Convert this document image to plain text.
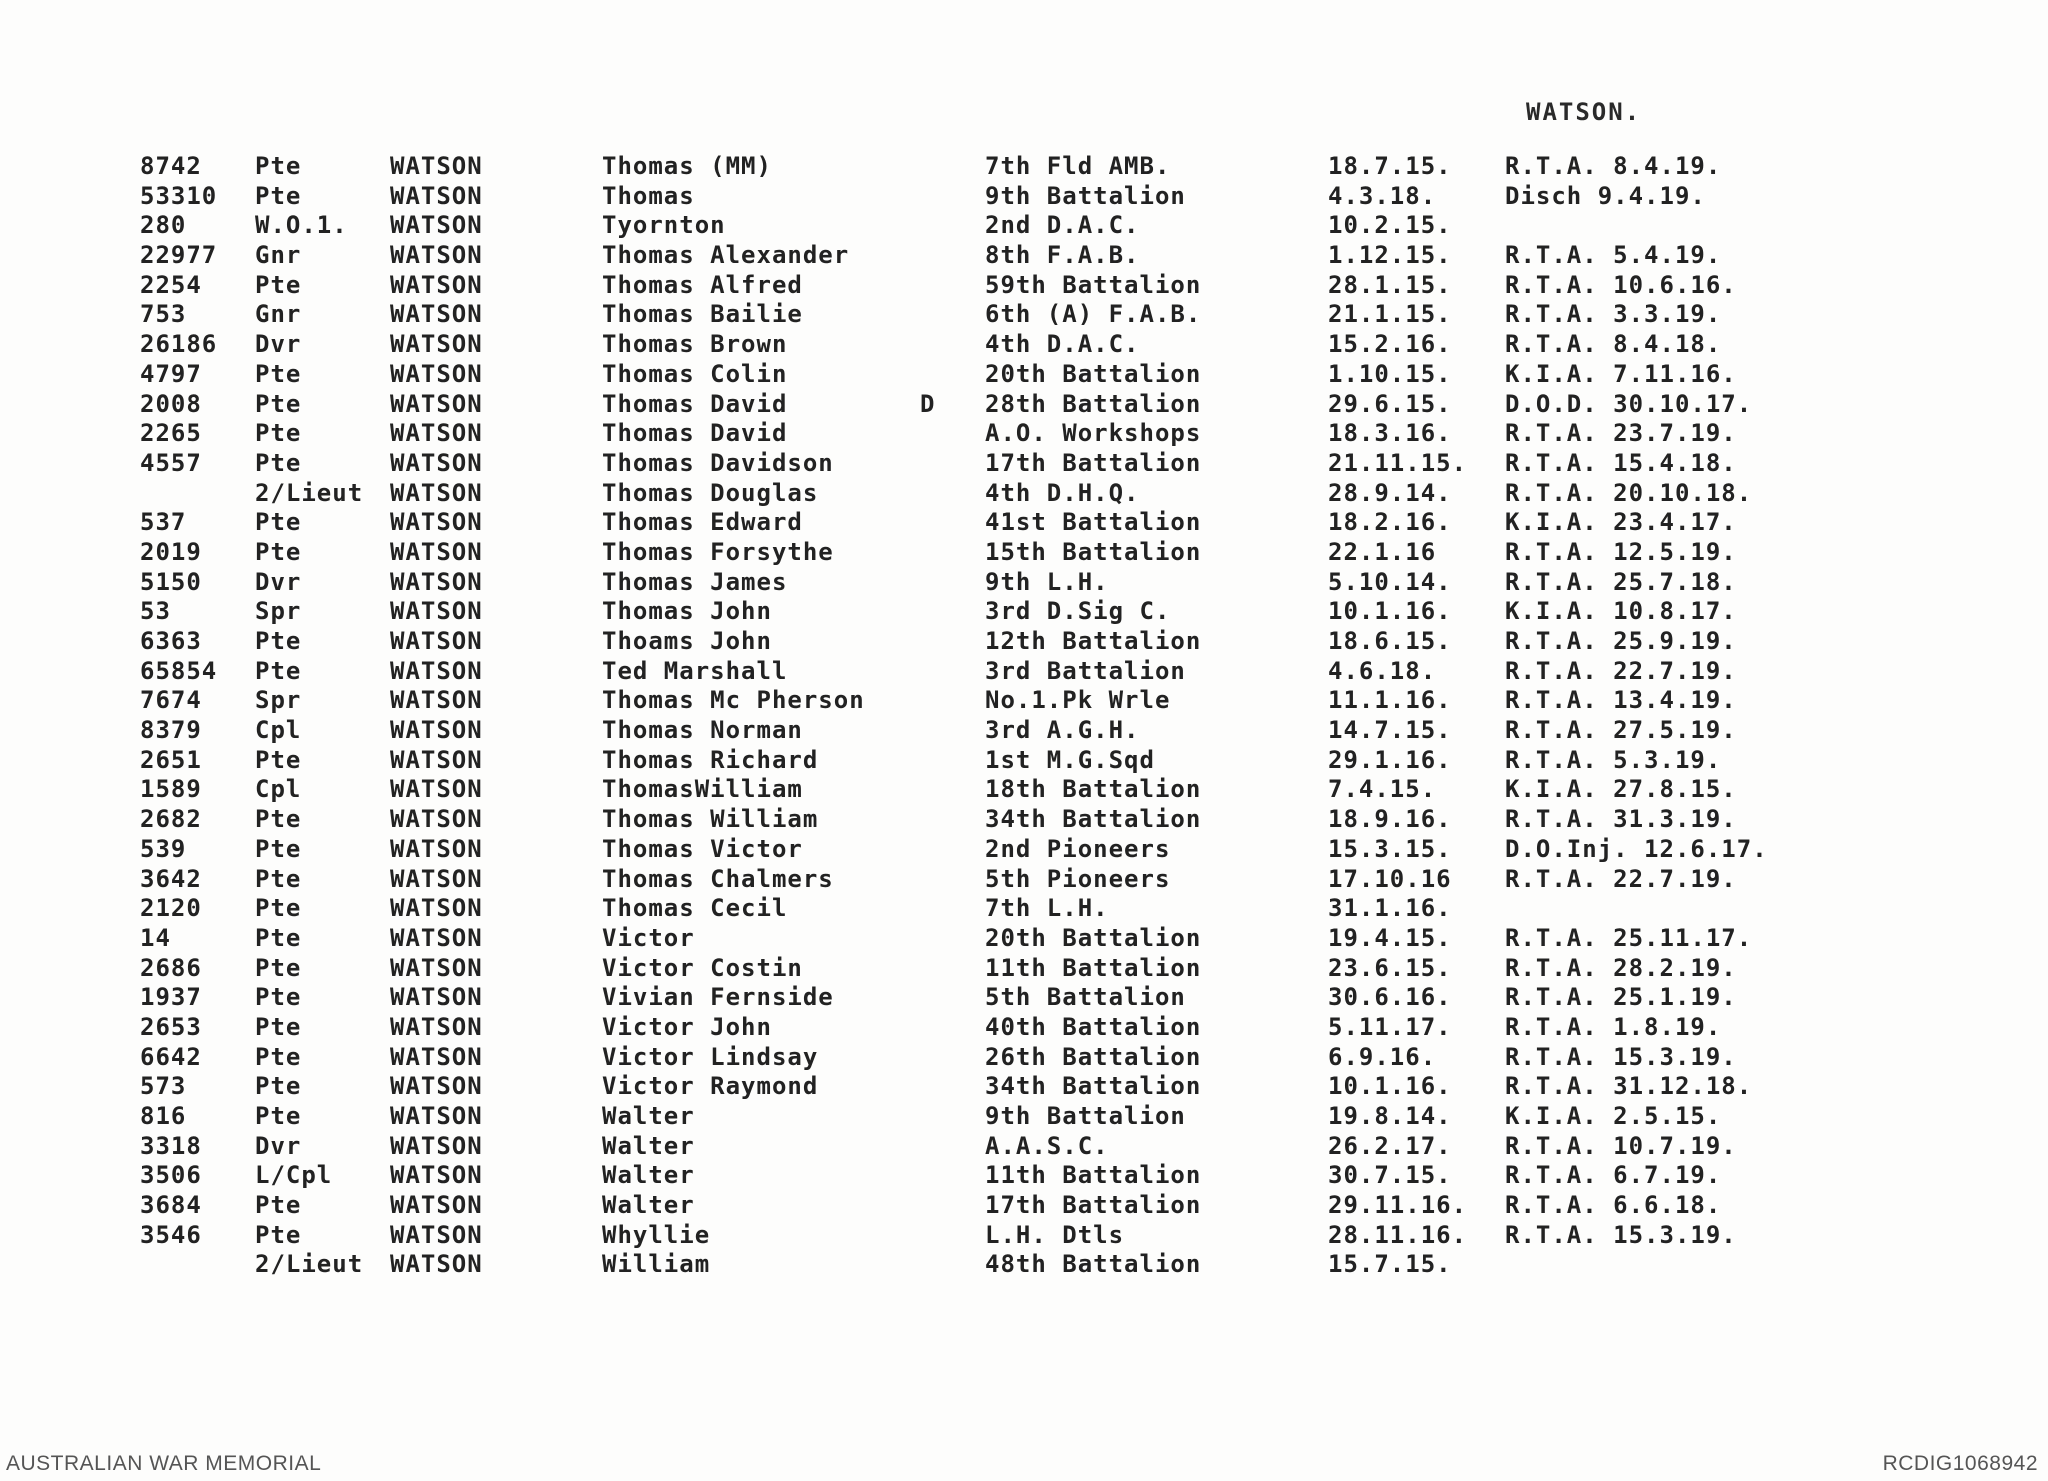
WATSON.
8742 Pte	WATSON	Thomas (MM)	7th Fld AMB.	18.7.15. R.T.A. 8.4.19.
53310 Pte	WATSON	Thomas	9th Battalion	4.3.18.	Disch 9.4.19.
280	W.O.1. WATSON	Tyornton	2nd D.A.C.	10.2.15.
22977 Gnr	WATSON	Thomas Alexander	8th F.A.B.	1.12.15. R.T.A. 5.4.19.
2254 Pte	WATSON	Thomas Alfred	59th Battalion	28.1.15. R.T.A. 10.6.16.
753	Gnr	WATSON	Thomas Bailie	6th (A) F.A.B.	21.1.15. R.T.A. 3.3.19.
26186 Dvr	WATSON	Thomas Brown	4th D.A.C.	15.2.16. R.T.A. 8.4.18.
4797 Pte	WATSON	Thomas Colin	20th Battalion	1.10.15. K.I.A. 7.11.16.
2008 Pte	WATSON	Thomas David	D 28th Battalion	29.6.15. D.O.D. 30.10.17.
2265 Pte	WATSON	Thomas David	A.O. Workshops	18.3.16. R.T.A. 23.7.19.
4557 Pte	WATSON	Thomas Davidson	17th Battalion	21.11.15. R.T.A. 15.4.18.
2/Lieut WATSON	Thomas Douglas	4th D.H.Q.	28.9.14. R.T.A. 20.10.18.
537	Pte	WATSON	Thomas Edward	41st Battalion	18.2.16. K.I.A. 23.4.17.
2019 Pte	WATSON	Thomas Forsythe	15th Battalion	22.1.16	R.T.A. 12.5.19.
5150 Dvr	WATSON	Thomas James	9th L.H.	5.10.14. R.T.A. 25.7.18.
53	Spr	WATSON	Thomas John	3rd D.Sig C.	10.1.16. K.I.A. 10.8.17.
6363 Pte	WATSON	Thoams John	12th Battalion	18.6.15. R.T.A. 25.9.19.
65854 Pte	WATSON	Ted Marshall	3rd Battalion	4.6.18.	R.T.A. 22.7.19.
7674 Spr	WATSON	Thomas Mc Pherson	No.1.Pk Wrle	11.1.16. R.T.A. 13.4.19.
8379 Cpl	WATSON	Thomas Norman	3rd A.G.H.	14.7.15. R.T.A. 27.5.19.
2651 Pte	WATSON	Thomas Richard	1st M.G.Sqd	29.1.16. R.T.A. 5.3.19.
1589 Cpl	WATSON	ThomasWilliam	18th Battalion	7.4.15.	K.I.A. 27.8.15.
2682 Pte	WATSON	Thomas William	34th Battalion	18.9.16. R.T.A. 31.3.19.
539	Pte	WATSON	Thomas Victor	2nd Pioneers	15.3.15. D.O.Inj. 12.6.17.
3642 Pte	WATSON	Thomas Chalmers	5th Pioneers	17.10.16 R.T.A. 22.7.19.
2120 Pte	WATSON	Thomas Cecil	7th L.H.	31.1.16.
14	Pte	WATSON	Victor	20th Battalion	19.4.15. R.T.A. 25.11.17.
2686 Pte	WATSON	Victor Costin	11th Battalion	23.6.15. R.T.A. 28.2.19.
1937 Pte	WATSON	Vivian Fernside	5th Battalion	30.6.16. R.T.A. 25.1.19.
2653 Pte	WATSON	Victor John	40th Battalion	5.11.17. R.T.A. 1.8.19.
6642 Pte	WATSON	Victor Lindsay	26th Battalion	6.9.16.	R.T.A. 15.3.19.
573	Pte	WATSON	Victor Raymond	34th Battalion	10.1.16. R.T.A. 31.12.18.
816	Pte	WATSON	Walter	9th Battalion	19.8.14. K.I.A. 2.5.15.
3318 Dvr	WATSON	Walter	A.A.S.C.	26.2.17. R.T.A. 10.7.19.
3506 L/Cpl WATSON	Walter	11th Battalion	30.7.15. R.T.A. 6.7.19.
3684 Pte	WATSON	Walter	17th Battalion	29.11.16. R.T.A. 6.6.18.
3546 Pte	WATSON	Whyllie	L.H. Dtls	28.11.16. R.T.A. 15.3.19.
2/Lieut WATSON	William	48th Battalion	15.7.15.
AUSTRALIAN WAR MEMORIAL	RCDIG1068942
